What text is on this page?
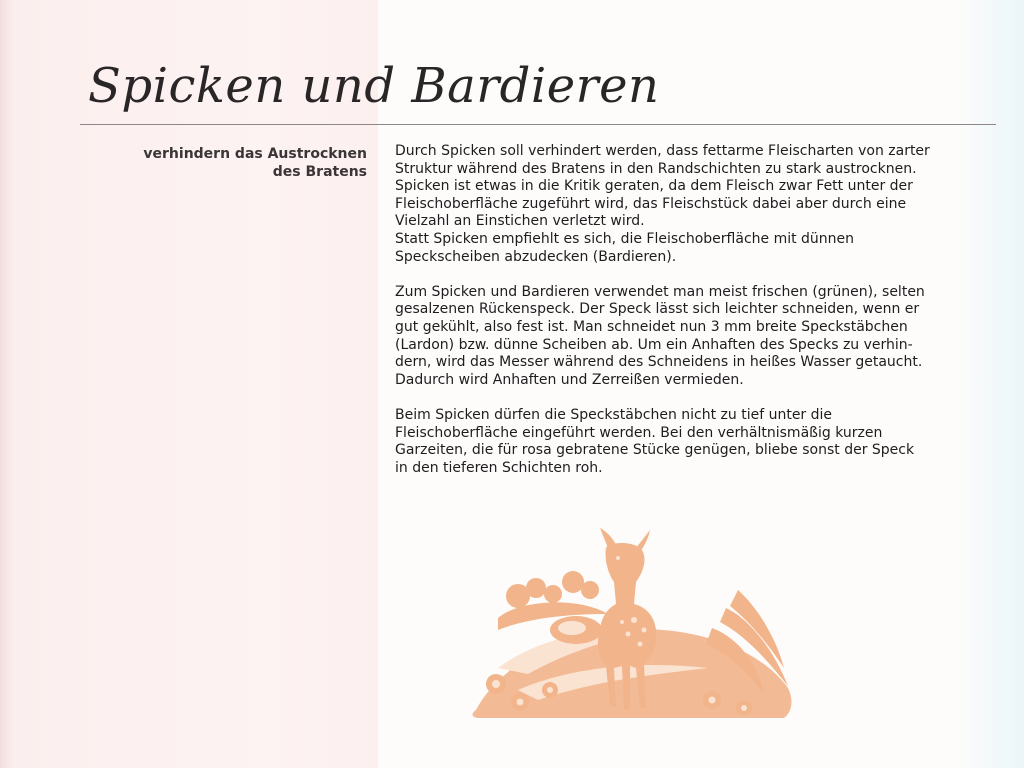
Spicken und Bardieren
verhindern das Austrocknen
des Bratens

Durch Spicken soll verhindert werden, dass fettarme Fleischarten von zarter
Struktur während des Bratens in den Randschichten zu stark austrocknen.
Spicken ist etwas in die Kritik geraten, da dem Fleisch zwar Fett unter der
Fleischoberfläche zugeführt wird, das Fleischstück dabei aber durch eine
Vielzahl an Einstichen verletzt wird.
Statt Spicken empfiehlt es sich, die Fleischoberfläche mit dünnen
Speckscheiben abzudecken (Bardieren).

Zum Spicken und Bardieren verwendet man meist frischen (grünen), selten
gesalzenen Rückenspeck. Der Speck lässt sich leichter schneiden, wenn er
gut gekühlt, also fest ist. Man schneidet nun 3 mm breite Speckstäbchen
(Lardon) bzw. dünne Scheiben ab. Um ein Anhaften des Specks zu verhin-
dern, wird das Messer während des Schneidens in heißes Wasser getaucht.
Dadurch wird Anhaften und Zerreißen vermieden.

Beim Spicken dürfen die Speckstäbchen nicht zu tief unter die
Fleischoberfläche eingeführt werden. Bei den verhältnismäßig kurzen
Garzeiten, die für rosa gebratene Stücke genügen, bliebe sonst der Speck
in den tieferen Schichten roh.
